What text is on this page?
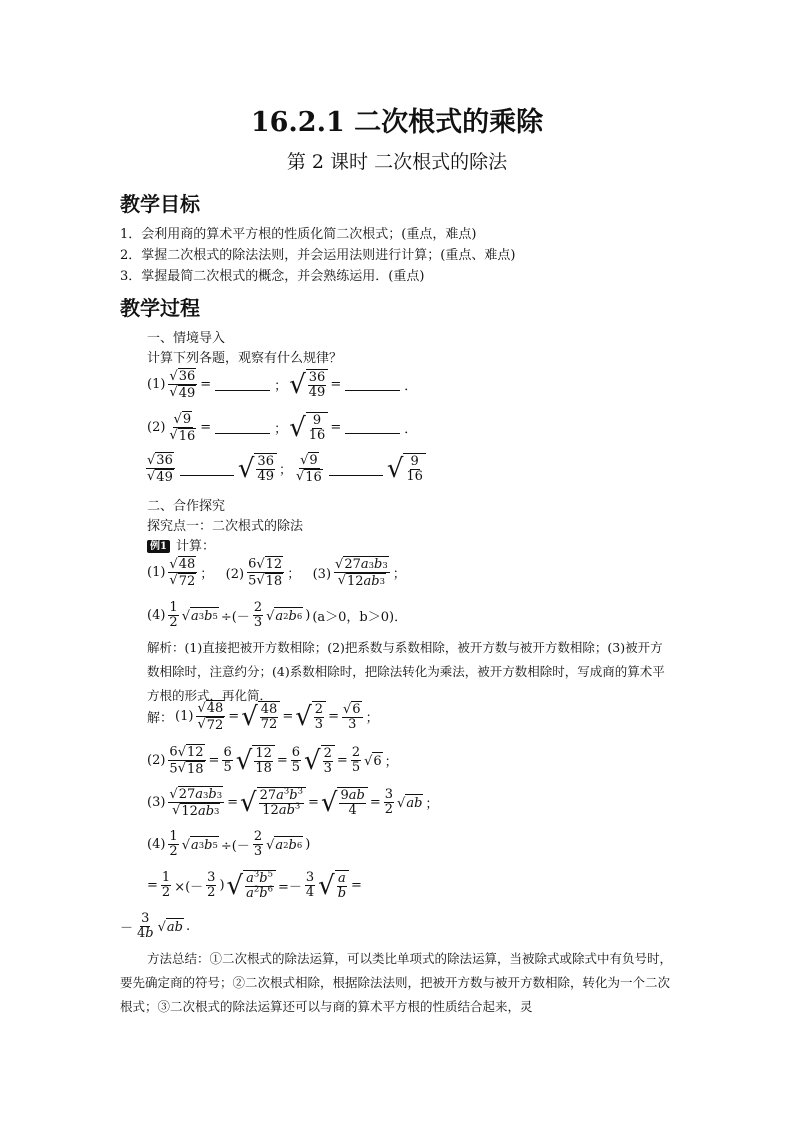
16.2.1 二次根式的乘除
第 2 课时 二次根式的除法
教学目标
1．会利用商的算术平方根的性质化简二次根式；(重点，难点)
2．掌握二次根式的除法法则，并会运用法则进行计算；(重点、难点)
3．掌握最简二次根式的概念，并会熟练运用．(重点)
教学过程
一、情境导入
计算下列各题，观察有什么规律？
$(1) \frac{√ 36}{√ 49}$ =	； √ $\frac{36}{49}$ =	．
$(2) \frac{√ 9}{√ 16}$ =	； √ $\frac{9}{16}$ =	．
$\frac{√ 36}{√ 49}$ √ $\frac{36}{49}$ ； $\frac{√ 9}{√ 16}$ √ $\frac{9}{16}$
二、合作探究
探究点一：二次根式的除法
例1 计算：
$(1) \frac{√ 48}{√ 72}$ ；   $(2) \frac{6 √ 12}{5 √ 18}$ ；   $(3) \frac{√ 27 a 3 b 3}{√ 12 ab 3}$ ；
$(4) \frac{1}{2}$ √ a 3 b 5 ÷(－ $\frac{2}{3}$ √ a 2 b 6 ) (a＞0，b＞0)．
解析：(1)直接把被开方数相除；(2)把系数与系数相除，被开方数与被开方数相除；(3)被开方数相除时，注意约分；(4)系数相除时，把除法转化为乘法，被开方数相除时，写成商的算术平方根的形式，再化简．
解： $(1) \frac{√ 48}{√ 72}$ = √ $\frac{48}{72}$ = √ $\frac{2}{3} = \frac{√ 6}{3}$ ；
$(2) \frac{6 √ 12}{5 √ 18} = \frac{6}{5}$ √ $\frac{12}{18} = \frac{6}{5}$ √ $\frac{2}{3} = \frac{2}{5}$ √ 6 ；
$(3) \frac{√ 27 a 3 b 3}{√ 12 ab 3}$ = √ $\frac{27a^3b^3}{12ab^3}$ = √ $\frac{9ab}{4} = \frac{3}{2}$ √ ab ；
$(4) \frac{1}{2}$ √ a 3 b 5 ÷(－ $\frac{2}{3}$ √ a 2 b 6 )
= $\frac{1}{2}$ ×(－ $\frac{3}{2}$ ) √ $\frac{a^3b^5}{a^2b^6} =- \frac{3}{4}$ √ $\frac{a}{b}$ =
－ $\frac{3}{4b}$ √ ab .
方法总结：①二次根式的除法运算，可以类比单项式的除法运算，当被除式或除式中有负号时，要先确定商的符号；②二次根式相除，根据除法法则，把被开方数与被开方数相除，转化为一个二次根式；③二次根式的除法运算还可以与商的算术平方根的性质结合起来，灵
